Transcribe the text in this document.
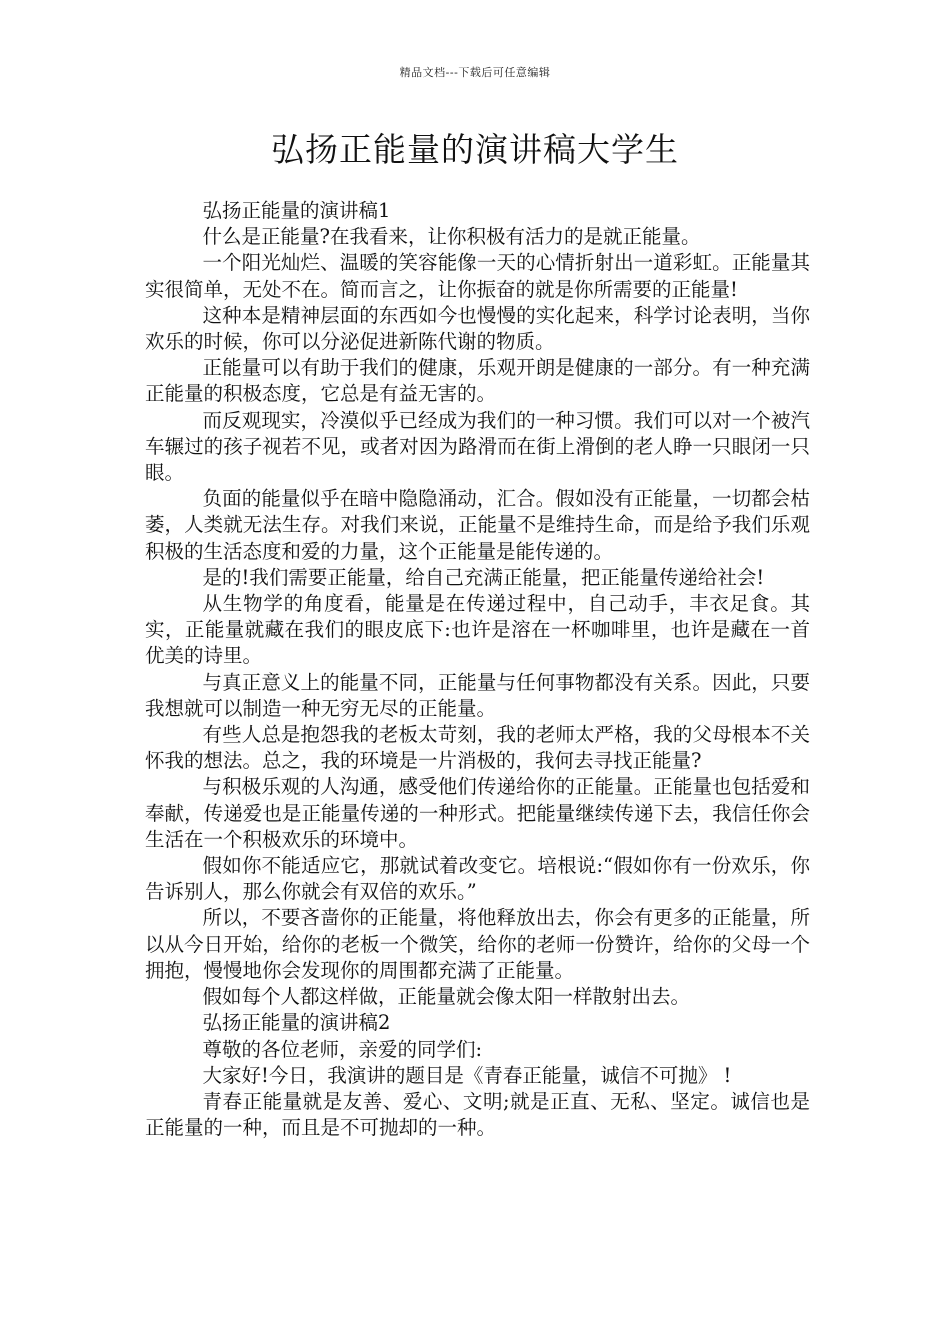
精品文档---下载后可任意编辑
弘扬正能量的演讲稿大学生

弘扬正能量的演讲稿1

什么是正能量?在我看来，让你积极有活力的是就正能量。

一个阳光灿烂、温暖的笑容能像一天的心情折射出一道彩虹。正能量其实很简单，无处不在。简而言之，让你振奋的就是你所需要的正能量!

这种本是精神层面的东西如今也慢慢的实化起来，科学讨论表明，当你欢乐的时候，你可以分泌促进新陈代谢的物质。

正能量可以有助于我们的健康，乐观开朗是健康的一部分。有一种充满正能量的积极态度，它总是有益无害的。

而反观现实，冷漠似乎已经成为我们的一种习惯。我们可以对一个被汽车辗过的孩子视若不见，或者对因为路滑而在街上滑倒的老人睁一只眼闭一只眼。

负面的能量似乎在暗中隐隐涌动，汇合。假如没有正能量，一切都会枯萎，人类就无法生存。对我们来说，正能量不是维持生命，而是给予我们乐观积极的生活态度和爱的力量，这个正能量是能传递的。

是的!我们需要正能量，给自己充满正能量，把正能量传递给社会!

从生物学的角度看，能量是在传递过程中，自己动手，丰衣足食。其实，正能量就藏在我们的眼皮底下:也许是溶在一杯咖啡里，也许是藏在一首优美的诗里。

与真正意义上的能量不同，正能量与任何事物都没有关系。因此，只要我想就可以制造一种无穷无尽的正能量。

有些人总是抱怨我的老板太苛刻，我的老师太严格，我的父母根本不关怀我的想法。总之，我的环境是一片消极的，我何去寻找正能量?

与积极乐观的人沟通，感受他们传递给你的正能量。正能量也包括爱和奉献，传递爱也是正能量传递的一种形式。把能量继续传递下去，我信任你会生活在一个积极欢乐的环境中。

假如你不能适应它，那就试着改变它。培根说:“假如你有一份欢乐，你告诉别人，那么你就会有双倍的欢乐。”

所以，不要吝啬你的正能量，将他释放出去，你会有更多的正能量，所以从今日开始，给你的老板一个微笑，给你的老师一份赞许，给你的父母一个拥抱，慢慢地你会发现你的周围都充满了正能量。

假如每个人都这样做，正能量就会像太阳一样散射出去。

弘扬正能量的演讲稿2

尊敬的各位老师，亲爱的同学们:

大家好!今日，我演讲的题目是《青春正能量，诚信不可抛》 !

青春正能量就是友善、爱心、文明;就是正直、无私、坚定。诚信也是正能量的一种，而且是不可抛却的一种。
